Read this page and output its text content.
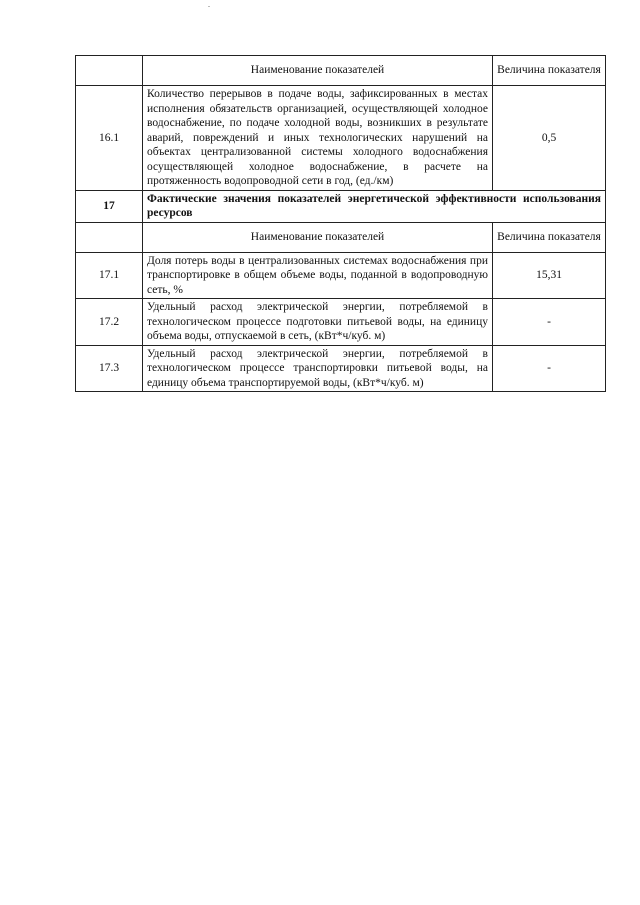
	Наименование показателей	Величина показателя
16.1	Количество перерывов в подаче воды, зафиксированных в местах исполнения обязательств организацией, осуществляющей холодное водоснабжение, по подаче холодной воды, возникших в результате аварий, повреждений и иных технологических нарушений на объектах централизованной системы холодного водоснабжения осуществляющей холодное водоснабжение, в расчете на протяженность водопроводной сети в год, (ед./км)	0,5
17	Фактические значения показателей энергетической эффективности использования ресурсов	
	Наименование показателей	Величина показателя
17.1	Доля потерь воды в централизованных системах водоснабжения при транспортировке в общем объеме воды, поданной в водопроводную сеть, %	15,31
17.2	Удельный расход электрической энергии, потребляемой в технологическом процессе подготовки питьевой воды, на единицу объема воды, отпускаемой в сеть, (кВт*ч/куб. м)	-
17.3	Удельный расход электрической энергии, потребляемой в технологическом процессе транспортировки питьевой воды, на единицу объема транспортируемой воды, (кВт*ч/куб. м)	-
